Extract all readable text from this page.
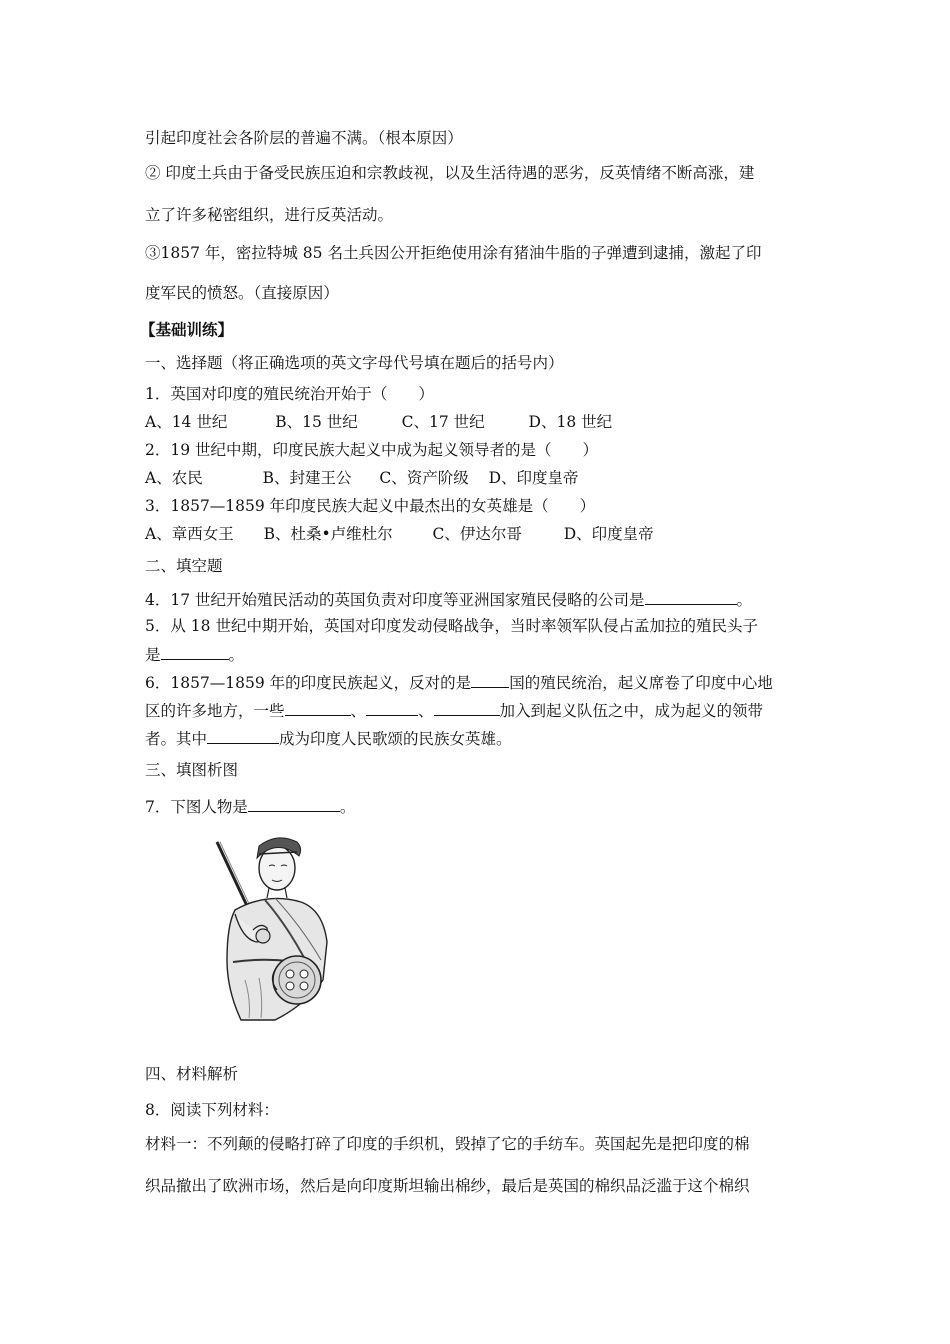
引起印度社会各阶层的普遍不满。（根本原因）
② 印度土兵由于备受民族压迫和宗教歧视，以及生活待遇的恶劣，反英情绪不断高涨，建
立了许多秘密组织，进行反英活动。
③1857 年，密拉特城 85 名土兵因公开拒绝使用涂有猪油牛脂的子弹遭到逮捕，激起了印
度军民的愤怒。（直接原因）
【基础训练】
一、选择题（将正确选项的英文字母代号填在题后的括号内）
1．英国对印度的殖民统治开始于（　　）
A、14 世纪	B、15 世纪	C、17 世纪	D、18 世纪
2．19 世纪中期，印度民族大起义中成为起义领导者的是（　　）
A、农民	B、封建王公 C、资产阶级 D、印度皇帝
3．1857—1859 年印度民族大起义中最杰出的女英雄是（　　）
A、章西女王 B、杜桑•卢维杜尔	C、伊达尔哥	D、印度皇帝
二、填空题
4．17 世纪开始殖民活动的英国负责对印度等亚洲国家殖民侵略的公司是	。
5．从 18 世纪中期开始，英国对印度发动侵略战争，当时率领军队侵占孟加拉的殖民头子
是	。
6．1857—1859 年的印度民族起义，反对的是 国的殖民统治，起义席卷了印度中心地
区的许多地方，一些	、	、	加入到起义队伍之中，成为起义的领带
者。其中	成为印度人民歌颂的民族女英雄。
三、填图析图
7．下图人物是	。
四、材料解析
8．阅读下列材料：
材料一：不列颠的侵略打碎了印度的手织机，毁掉了它的手纺车。英国起先是把印度的棉
织品撤出了欧洲市场，然后是向印度斯坦输出棉纱，最后是英国的棉织品泛滥于这个棉织
